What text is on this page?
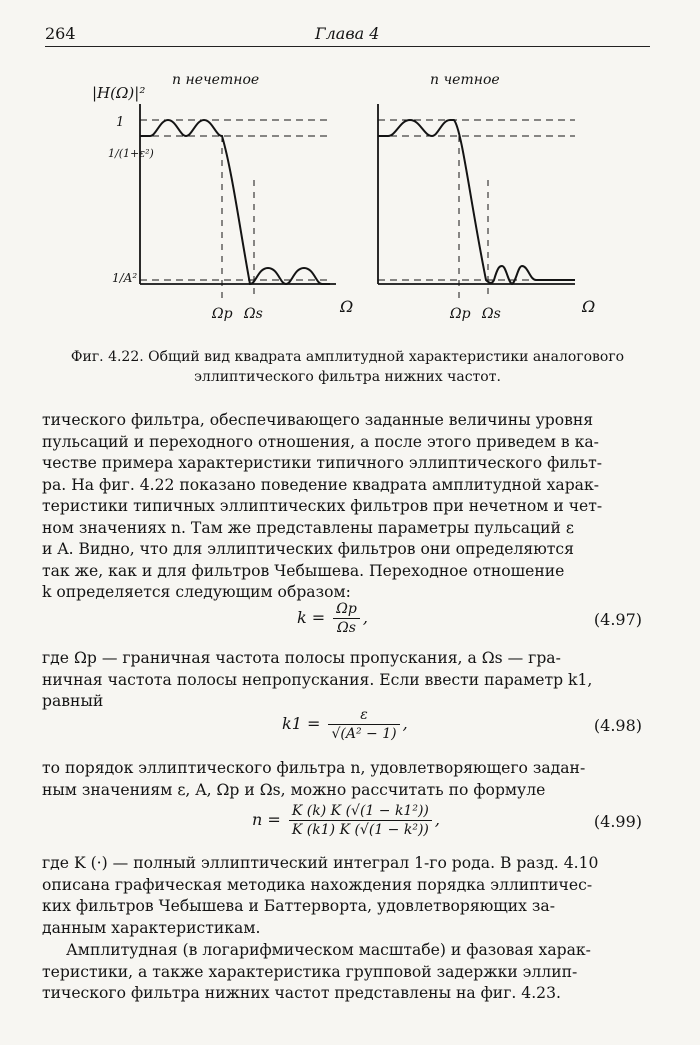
264	Глава 4
|H(Ω)|²
n нечетное
Ω
1
1/(1+ε²)
1/A²
Ωp Ωs
n четное
Ω
Ωp Ωs
Фиг. 4.22. Общий вид квадрата амплитудной характеристики аналогового
эллиптического фильтра нижних частот.
тического фильтра, обеспечивающего заданные величины уровня
пульсаций и переходного отношения, а после этого приведем в ка-
честве примера характеристики типичного эллиптического фильт-
ра. На фиг. 4.22 показано поведение квадрата амплитудной харак-
теристики типичных эллиптических фильтров при нечетном и чет-
ном значениях n. Там же представлены параметры пульсаций ε
и A. Видно, что для эллиптических фильтров они определяются
так же, как и для фильтров Чебышева. Переходное отношение
k определяется следующим образом:
$k = \frac{\Omega p}{\Omega s}$ ,	(4.97)
где Ωp — граничная частота полосы пропускания, а Ωs — гра-
ничная частота полосы непропускания. Если ввести параметр k1,
равный
$k1 = \frac{\varepsilon}{\text{√(A² − 1)}}$ ,	(4.98)
то порядок эллиптического фильтра n, удовлетворяющего задан-
ным значениям ε, A, Ωp и Ωs, можно рассчитать по формуле
$n = \frac{\text{K (k) K (√(1 − k1²))}}{\text{K (k1) K (√(1 − k²))}}$ ,	(4.99)
где K (·) — полный эллиптический интеграл 1-го рода. В разд. 4.10
описана графическая методика нахождения порядка эллиптичес-
ких фильтров Чебышева и Баттерворта, удовлетворяющих за-
данным характеристикам.
Амплитудная (в логарифмическом масштабе) и фазовая харак-
теристики, а также характеристика групповой задержки эллип-
тического фильтра нижних частот представлены на фиг. 4.23.
